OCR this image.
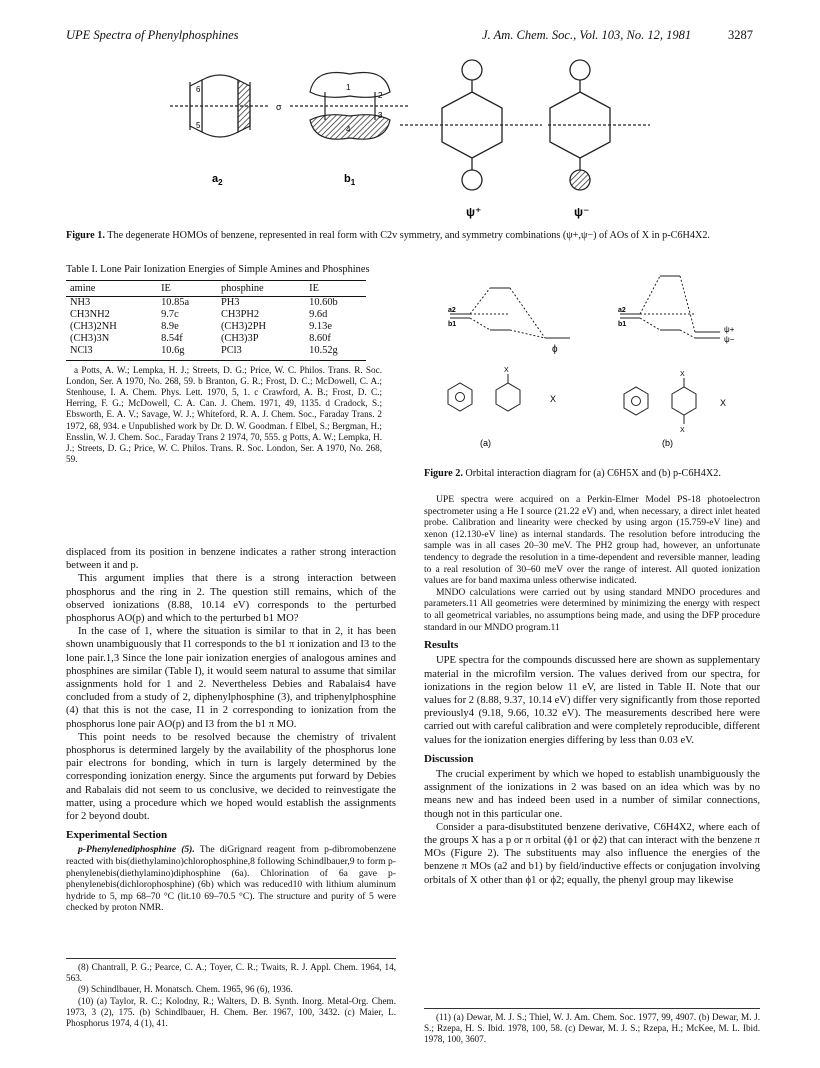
UPE Spectra of Phenylphosphines	J. Am. Chem. Soc., Vol. 103, No. 12, 1981	3287
6
5
σ
1
2
3
4
$a_2$	$b_1$
ψ⁺	ψ⁻
Figure 1. The degenerate HOMOs of benzene, represented in real form with C2v symmetry, and symmetry combinations (ψ+,ψ−) of AOs of X in p-C6H4X2.
Table I. Lone Pair Ionization Energies of Simple Amines and Phosphines
amine	IE	phosphine	IE
NH3	10.85a	PH3	10.60b
CH3NH2	9.7c	CH3PH2	9.6d
(CH3)2NH	8.9e	(CH3)2PH	9.13e
(CH3)3N	8.54f	(CH3)3P	8.60f
NCl3	10.6g	PCl3	10.52g
a Potts, A. W.; Lempka, H. J.; Streets, D. G.; Price, W. C. Philos. Trans. R. Soc. London, Ser. A 1970, No. 268, 59. b Branton, G. R.; Frost, D. C.; McDowell, C. A.; Stenhouse, I. A. Chem. Phys. Lett. 1970, 5, 1. c Crawford, A. B.; Frost, D. C.; Herring, F. G.; McDowell, C. A. Can. J. Chem. 1971, 49, 1135. d Cradock, S.; Ebsworth, E. A. V.; Savage, W. J.; Whiteford, R. A. J. Chem. Soc., Faraday Trans. 2 1972, 68, 934. e Unpublished work by Dr. D. W. Goodman. f Elbel, S.; Bergman, H.; Ensslin, W. J. Chem. Soc., Faraday Trans 2 1974, 70, 555. g Potts, A. W.; Lempka, H. J.; Streets, D. G.; Price, W. C. Philos. Trans. R. Soc. London, Ser. A 1970, No. 268, 59.
a2
b1
ϕ
X
X
a2
b1
ψ+
ψ−
X
X
X
(a)	(b)
Figure 2. Orbital interaction diagram for (a) C6H5X and (b) p-C6H4X2.

displaced from its position in benzene indicates a rather strong interaction between it and p.

This argument implies that there is a strong interaction between phosphorus and the ring in 2. The question still remains, which of the observed ionizations (8.88, 10.14 eV) corresponds to the perturbed phosphorus AO(p) and which to the perturbed b1 MO?

In the case of 1, where the situation is similar to that in 2, it has been shown unambiguously that I1 corresponds to the b1 π ionization and I3 to the lone pair.1,3 Since the lone pair ionization energies of analogous amines and phosphines are similar (Table I), it would seem natural to assume that similar assignments hold for 1 and 2. Nevertheless Debies and Rabalais4 have concluded from a study of 2, diphenylphosphine (3), and triphenylphosphine (4) that this is not the case, I1 in 2 corresponding to ionization from the phosphorus lone pair AO(p) and I3 from the b1 π MO.

This point needs to be resolved because the chemistry of trivalent phosphorus is determined largely by the availability of the phosphorus lone pair electrons for bonding, which in turn is largely determined by the corresponding ionization energy. Since the arguments put forward by Debies and Rabalais did not seem to us conclusive, we decided to reinvestigate the matter, using a procedure which we hoped would establish the assignments for 2 beyond doubt.

Experimental Section

p-Phenylenediphosphine (5). The diGrignard reagent from p-dibromobenzene reacted with bis(diethylamino)chlorophosphine,8 following Schindlbauer,9 to form p-phenylenebis(diethylamino)diphosphine (6a). Chlorination of 6a gave p-phenylenebis(dichlorophosphine) (6b) which was reduced10 with lithium aluminum hydride to 5, mp 68–70 °C (lit.10 69–70.5 °C). The structure and purity of 5 were checked by proton NMR.

(8) Chantrall, P. G.; Pearce, C. A.; Toyer, C. R.; Twaits, R. J. Appl. Chem. 1964, 14, 563.

(9) Schindlbauer, H. Monatsch. Chem. 1965, 96 (6), 1936.

(10) (a) Taylor, R. C.; Kolodny, R.; Walters, D. B. Synth. Inorg. Metal-Org. Chem. 1973, 3 (2), 175. (b) Schindlbauer, H. Chem. Ber. 1967, 100, 3432. (c) Maier, L. Phosphorus 1974, 4 (1), 41.

UPE spectra were acquired on a Perkin-Elmer Model PS-18 photoelectron spectrometer using a He I source (21.22 eV) and, when necessary, a direct inlet heated probe. Calibration and linearity were checked by using argon (15.759-eV line) and xenon (12.130-eV line) as internal standards. The resolution before introducing the sample was in all cases 20–30 meV. The PH2 group had, however, an unfortunate tendency to degrade the resolution in a time-dependent and reversible manner, leading to a real resolution of 30–60 meV over the range of interest. All quoted ionization values are for band maxima unless otherwise indicated.

MNDO calculations were carried out by using standard MNDO procedures and parameters.11 All geometries were determined by minimizing the energy with respect to all geometrical variables, no assumptions being made, and using the DFP procedure standard in our MNDO program.11

Results

UPE spectra for the compounds discussed here are shown as supplementary material in the microfilm version. The values derived from our spectra, for ionizations in the region below 11 eV, are listed in Table II. Note that our values for 2 (8.88, 9.37, 10.14 eV) differ very significantly from those reported previously4 (9.18, 9.66, 10.32 eV). The measurements described here were carried out with careful calibration and were completely reproducible, different values for the ionization energies differing by less than 0.03 eV.

Discussion

The crucial experiment by which we hoped to establish unambiguously the assignment of the ionizations in 2 was based on an idea which was by no means new and has indeed been used in a number of similar connections, though not in this particular one.

Consider a para-disubstituted benzene derivative, C6H4X2, where each of the groups X has a p or π orbital (ϕ1 or ϕ2) that can interact with the benzene π MOs (Figure 2). The substituents may also influence the energies of the benzene π MOs (a2 and b1) by field/inductive effects or conjugation involving orbitals of X other than ϕ1 or ϕ2; equally, the phenyl group may likewise

(11) (a) Dewar, M. J. S.; Thiel, W. J. Am. Chem. Soc. 1977, 99, 4907. (b) Dewar, M. J. S.; Rzepa, H. S. Ibid. 1978, 100, 58. (c) Dewar, M. J. S.; Rzepa, H.; McKee, M. L. Ibid. 1978, 100, 3607.
